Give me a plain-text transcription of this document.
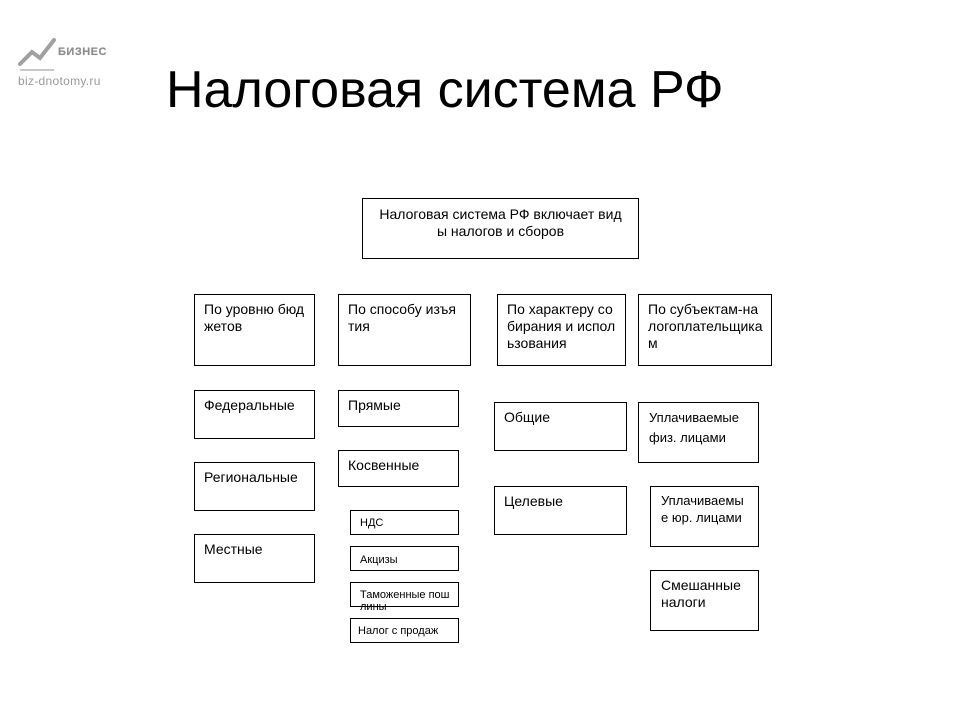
БИЗНЕС
biz-dnotomy.ru	Налоговая система РФ
Налоговая система РФ включает виды налогов и сборов
По уровню бюджетов
По способу изъятия
По характеру собирания и использования
По субъектам-налогоплательщикам
Федеральные
Региональные
Местные
Прямые
Косвенные
НДС
Акцизы
Таможенные пошлины
Налог с продаж
Общие
Целевые
Уплачиваемые физ. лицами
Уплачиваемые юр. лицами
Смешанные налоги
